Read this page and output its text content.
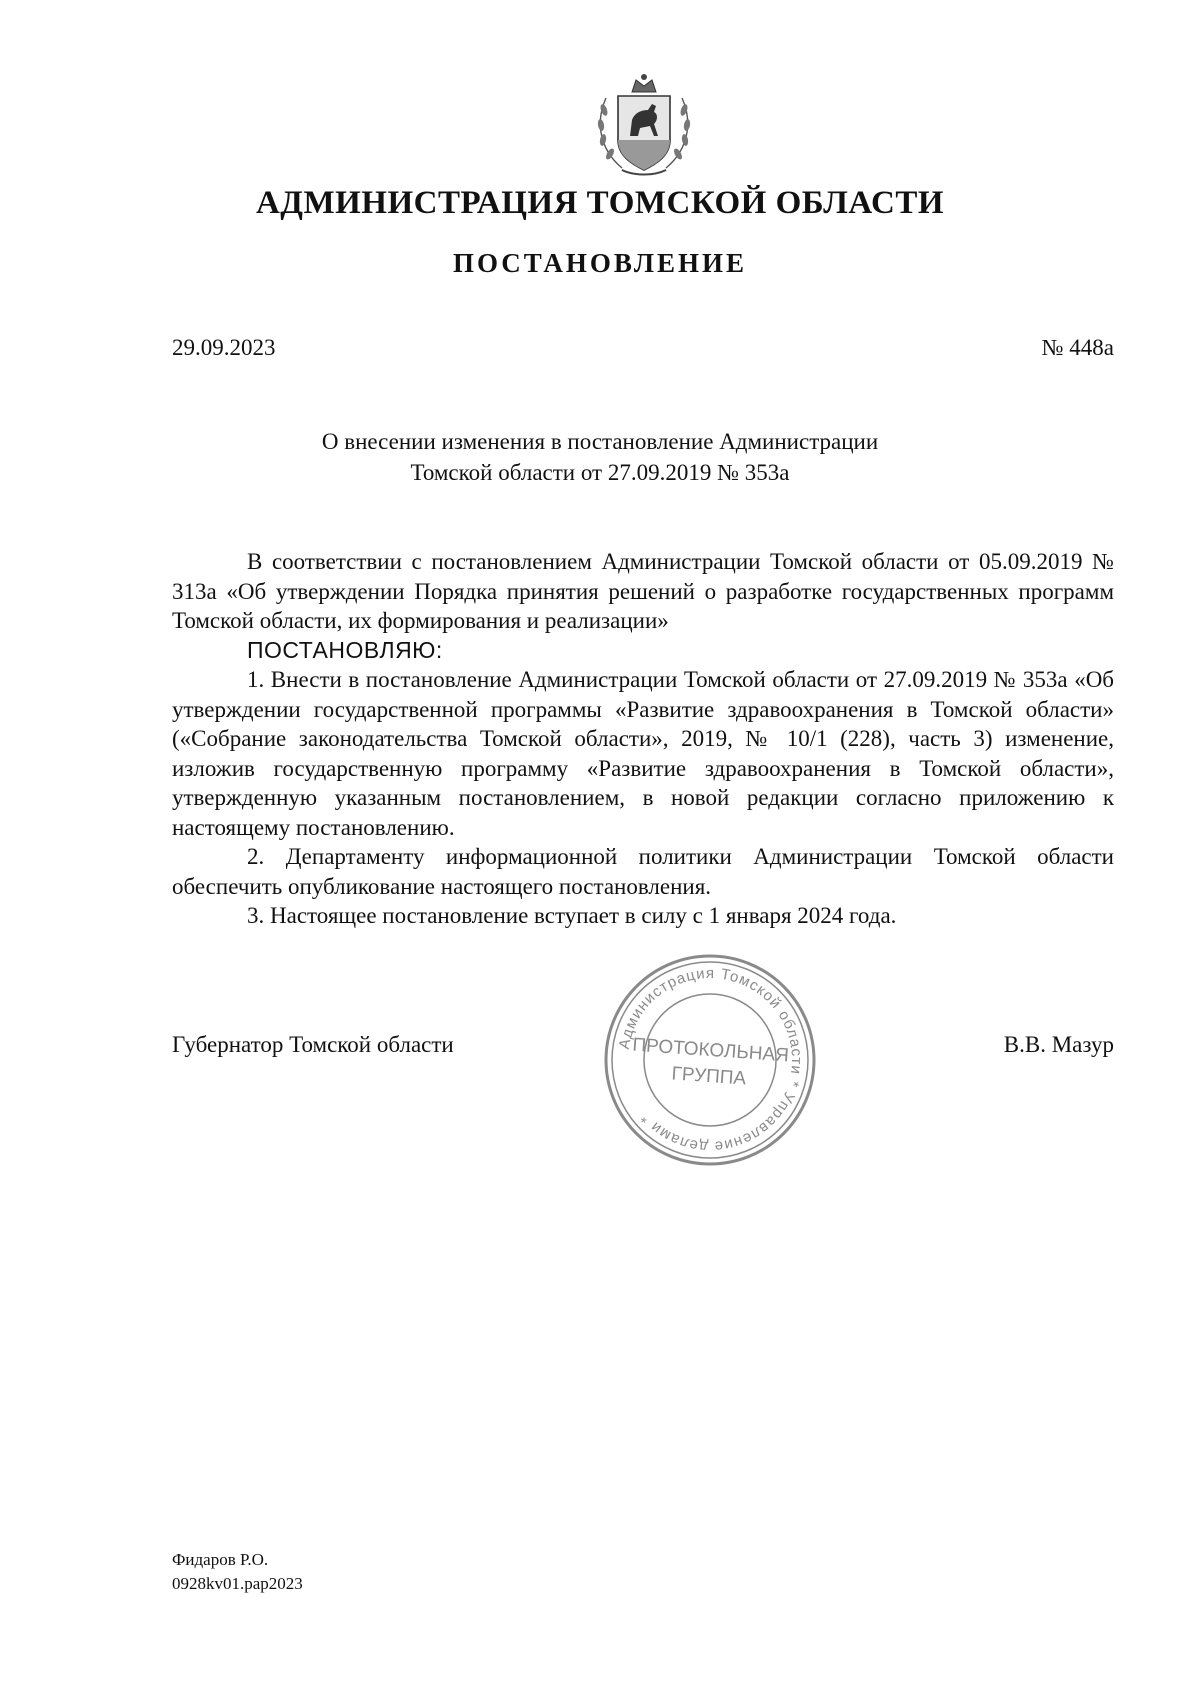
АДМИНИСТРАЦИЯ ТОМСКОЙ ОБЛАСТИ
ПОСТАНОВЛЕНИЕ
29.09.2023	№ 448а
О внесении изменения в постановление Администрации
Томской области от 27.09.2019 № 353а

В соответствии с постановлением Администрации Томской области от 05.09.2019 № 313а «Об утверждении Порядка принятия решений о разработке государственных программ Томской области, их формирования и реализации»

ПОСТАНОВЛЯЮ:

1. Внести в постановление Администрации Томской области от 27.09.2019 № 353а «Об утверждении государственной программы «Развитие здравоохранения в Томской области» («Собрание законодательства Томской области», 2019, № 10/1 (228), часть 3) изменение, изложив государственную программу «Развитие здравоохранения в Томской области», утвержденную указанным постановлением, в новой редакции согласно приложению к настоящему постановлению.

2. Департаменту информационной политики Администрации Томской области обеспечить опубликование настоящего постановления.

3. Настоящее постановление вступает в силу с 1 января 2024 года.

Губернатор Томской области	В.В. Мазур
Администрация Томской области * Управление делами *
ПРОТОКОЛЬНАЯ
ГРУППА
Фидаров Р.О.
0928kv01.pap2023
